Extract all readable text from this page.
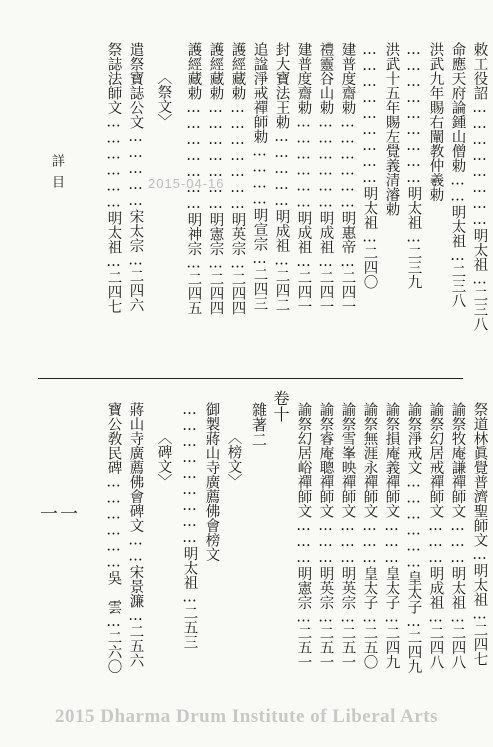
詳目
一一
2015-04-16	敕工役詔……………………明太祖…二三八
命應天府論鍾山僧勅……明太祖…二三八
洪武九年賜右闡教仲羲勅
………………………明太祖…二三九
洪武十五年賜左覺義清濬勅
………………………明太祖…二四〇
建普度齋勅………………明惠帝…二四一
禮靈谷山勅………………明成祖…二四一
建普度齋勅………………明成祖…二四一
封大寶法王勅……………明成祖…二四二
追諡淨戒禪師勅…………明宣宗…二四三
護經藏勅…………………明英宗…二四四
護經藏勅…………………明憲宗…二四四
護經藏勅…………………明神宗…二四五
〈祭文〉
遣祭寶誌公文……………宋太宗…二四六
祭誌法師文………………明太祖…二四七
祭道林眞覺普濟聖師文…明太祖…二四七
諭祭牧庵謙禪師文………明太祖…二四八
諭祭幻居戒禪師文………明成祖…二四八
諭祭淨戒文………………皇太子…二四九
諭祭損庵義禪師文………皇太子…二四九
諭祭無涯永禪師文………皇太子…二五〇
諭祭雪峯映禪師文………明英宗…二五一
諭祭睿庵聰禪師文………明英宗…二五一
諭祭幻居峪禪師文………明憲宗…二五一
卷十
雜著二
〈榜文〉
御製蔣山寺廣薦佛會榜文
………………………明太祖…二五三
〈碑文〉
蔣山寺廣薦佛會碑文……宋景濂…二五六
寶公敎民碑………………吳　雲…二六〇
2015 Dharma Drum Institute of Liberal Arts
